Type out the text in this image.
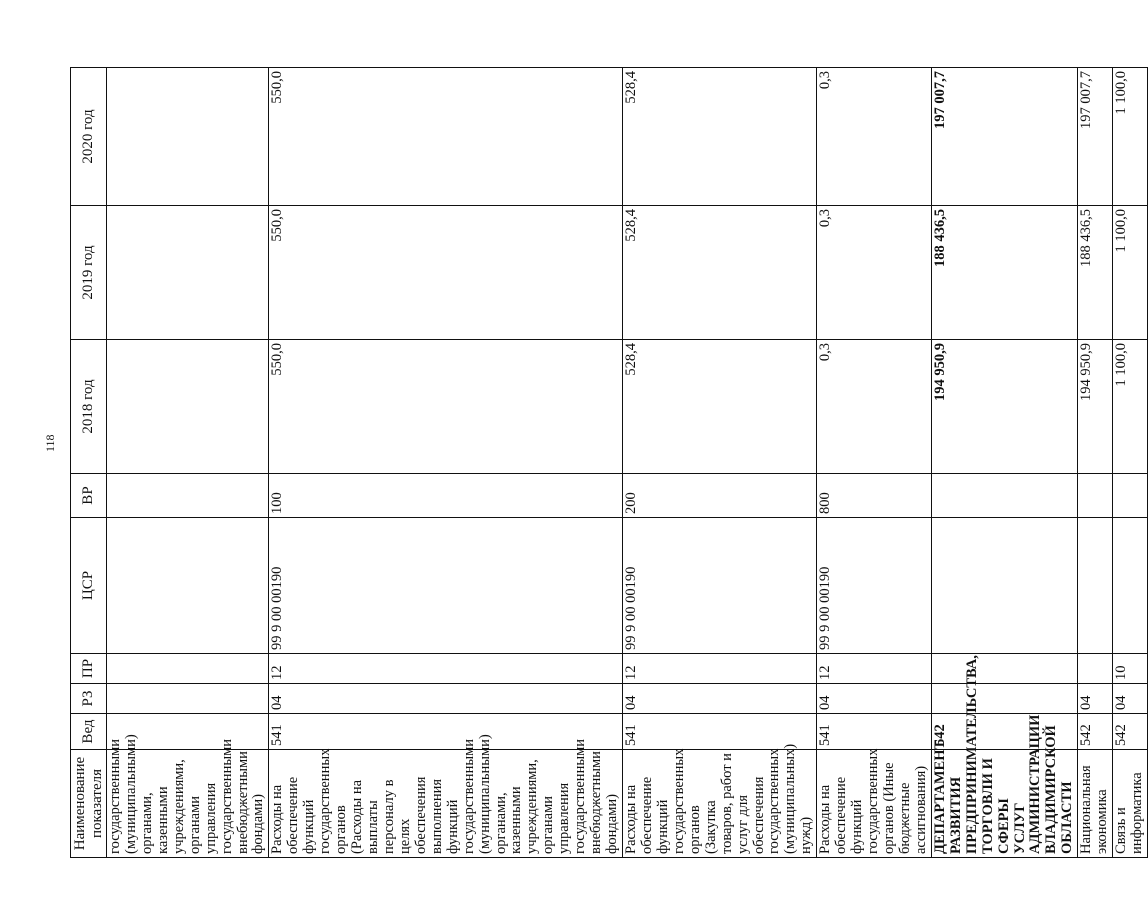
118
Наименование показателя	Вед	РЗ	ПР	ЦСР	ВР	2018 год	2019 год	2020 год
государственными (муниципальными) органами, казенными учреждениями, органами управления государственными внебюджетными фондами)								
Расходы на обеспечение функций государственных органов (Расходы на выплаты персоналу в целях обеспечения выполнения функций государственными (муниципальными) органами, казенными учреждениями, органами управления государственными внебюджетными фондами)	541	04	12	99 9 00 00190	100	550,0	550,0	550,0
Расходы на обеспечение функций государственных органов (Закупка товаров, работ и услуг для обеспечения государственных (муниципальных) нужд)	541	04	12	99 9 00 00190	200	528,4	528,4	528,4
Расходы на обеспечение функций государственных органов (Иные бюджетные ассигнования)	541	04	12	99 9 00 00190	800	0,3	0,3	0,3
ДЕПАРТАМЕНТ РАЗВИТИЯ ПРЕДПРИНИМАТЕЛЬСТВА, ТОРГОВЛИ И СФЕРЫ УСЛУГ АДМИНИСТРАЦИИ ВЛАДИМИРСКОЙ ОБЛАСТИ	542					194 950,9	188 436,5	197 007,7
Национальная экономика	542	04				194 950,9	188 436,5	197 007,7
Связь и информатика	542	04	10			1 100,0	1 100,0	1 100,0
